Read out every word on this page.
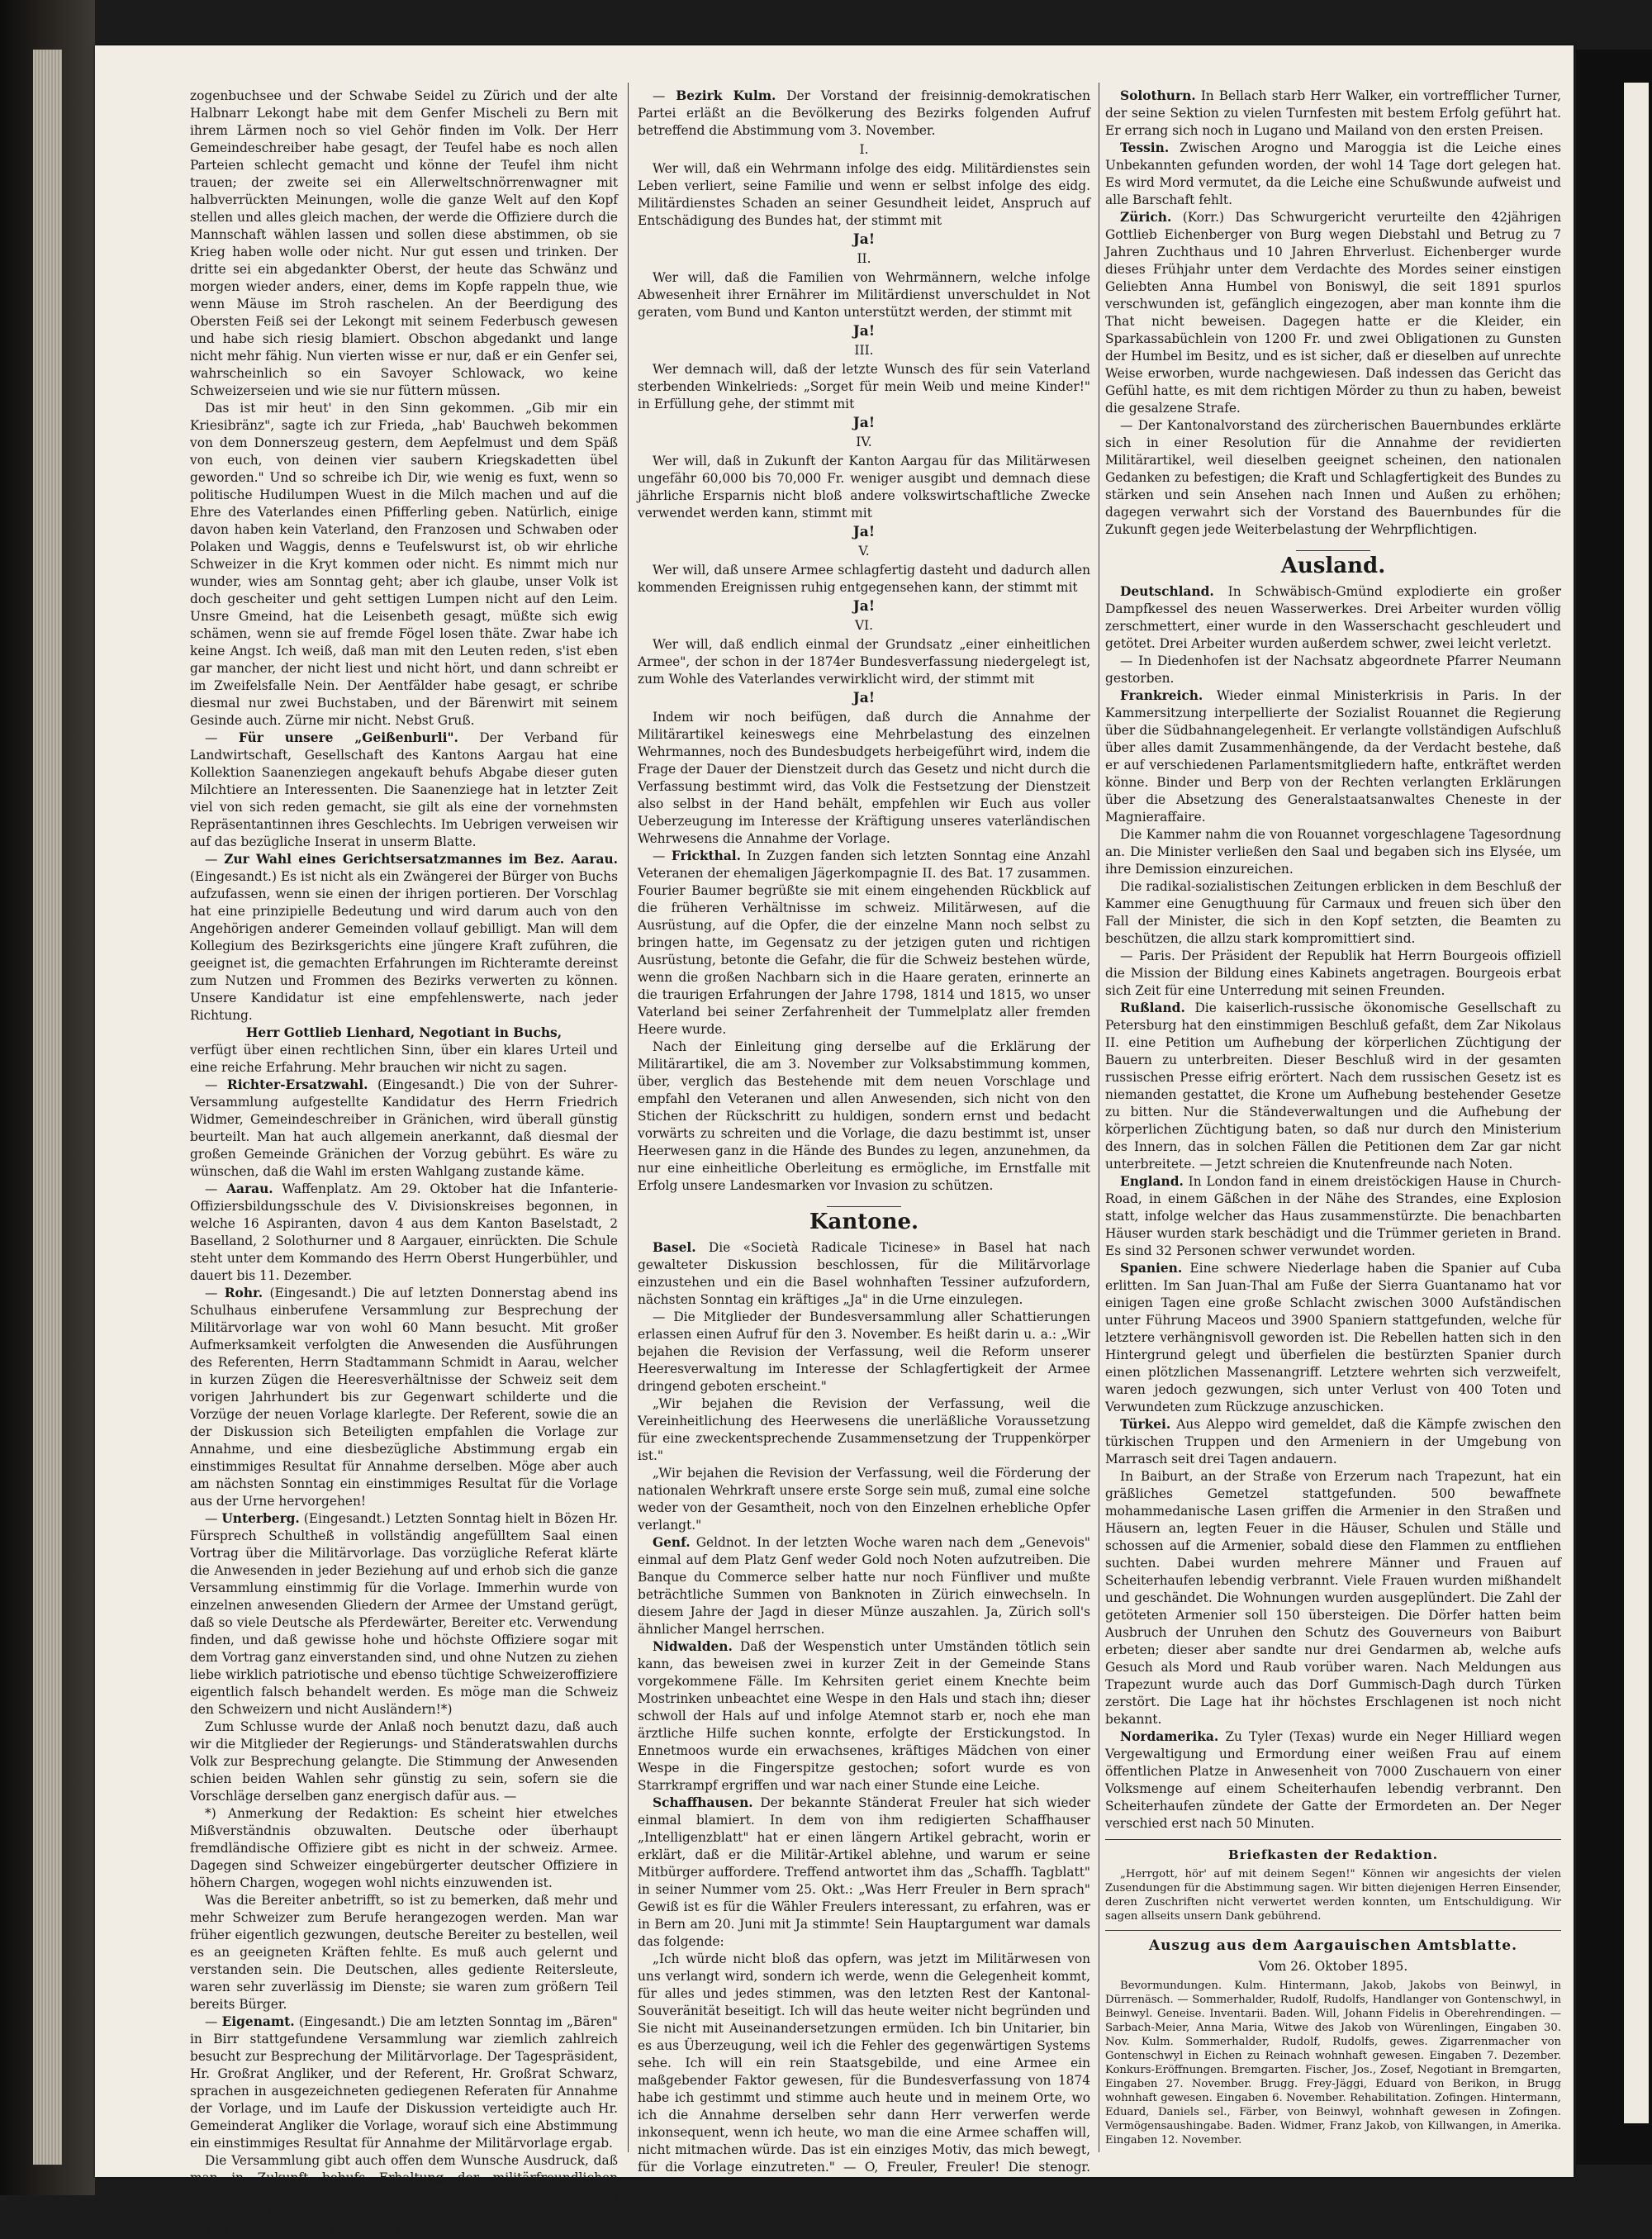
zogenbuchsee und der Schwabe Seidel zu Zürich und der alte Halbnarr Lekongt habe mit dem Genfer Mischeli zu Bern mit ihrem Lärmen noch so viel Gehör finden im Volk. Der Herr Gemeindeschreiber habe gesagt, der Teufel habe es noch allen Parteien schlecht gemacht und könne der Teufel ihm nicht trauen; der zweite sei ein Allerweltschnörrenwagner mit halbverrückten Meinungen, wolle die ganze Welt auf den Kopf stellen und alles gleich machen, der werde die Offiziere durch die Mannschaft wählen lassen und sollen diese abstimmen, ob sie Krieg haben wolle oder nicht. Nur gut essen und trinken. Der dritte sei ein abgedankter Oberst, der heute das Schwänz und morgen wieder anders, einer, dems im Kopfe rappeln thue, wie wenn Mäuse im Stroh raschelen. An der Beerdigung des Obersten Feiß sei der Lekongt mit seinem Federbusch gewesen und habe sich riesig blamiert. Obschon abgedankt und lange nicht mehr fähig. Nun vierten wisse er nur, daß er ein Genfer sei, wahrscheinlich so ein Savoyer Schlowack, wo keine Schweizerseien und wie sie nur füttern müssen.

Das ist mir heut' in den Sinn gekommen. „Gib mir ein Kriesibränz", sagte ich zur Frieda, „hab' Bauchweh bekommen von dem Donnerszeug gestern, dem Aepfelmust und dem Späß von euch, von deinen vier saubern Kriegskadetten übel geworden." Und so schreibe ich Dir, wie wenig es fuxt, wenn so politische Hudilumpen Wuest in die Milch machen und auf die Ehre des Vaterlandes einen Pfifferling geben. Natürlich, einige davon haben kein Vaterland, den Franzosen und Schwaben oder Polaken und Waggis, denns e Teufelswurst ist, ob wir ehrliche Schweizer in die Kryt kommen oder nicht. Es nimmt mich nur wunder, wies am Sonntag geht; aber ich glaube, unser Volk ist doch gescheiter und geht settigen Lumpen nicht auf den Leim. Unsre Gmeind, hat die Leisenbeth gesagt, müßte sich ewig schämen, wenn sie auf fremde Fögel losen thäte. Zwar habe ich keine Angst. Ich weiß, daß man mit den Leuten reden, s'ist eben gar mancher, der nicht liest und nicht hört, und dann schreibt er im Zweifelsfalle Nein. Der Aentfälder habe gesagt, er schribe diesmal nur zwei Buchstaben, und der Bärenwirt mit seinem Gesinde auch. Zürne mir nicht. Nebst Gruß.

— Für unsere „Geißenburli". Der Verband für Landwirtschaft, Gesellschaft des Kantons Aargau hat eine Kollektion Saanenziegen angekauft behufs Abgabe dieser guten Milchtiere an Interessenten. Die Saanenziege hat in letzter Zeit viel von sich reden gemacht, sie gilt als eine der vornehmsten Repräsentantinnen ihres Geschlechts. Im Uebrigen verweisen wir auf das bezügliche Inserat in unserm Blatte.

— Zur Wahl eines Gerichtsersatzmannes im Bez. Aarau. (Eingesandt.) Es ist nicht als ein Zwängerei der Bürger von Buchs aufzufassen, wenn sie einen der ihrigen portieren. Der Vorschlag hat eine prinzipielle Bedeutung und wird darum auch von den Angehörigen anderer Gemeinden vollauf gebilligt. Man will dem Kollegium des Bezirksgerichts eine jüngere Kraft zuführen, die geeignet ist, die gemachten Erfahrungen im Richteramte dereinst zum Nutzen und Frommen des Bezirks verwerten zu können. Unsere Kandidatur ist eine empfehlenswerte, nach jeder Richtung.

Herr Gottlieb Lienhard, Negotiant in Buchs,

verfügt über einen rechtlichen Sinn, über ein klares Urteil und eine reiche Erfahrung. Mehr brauchen wir nicht zu sagen.

— Richter-Ersatzwahl. (Eingesandt.) Die von der Suhrer-Versammlung aufgestellte Kandidatur des Herrn Friedrich Widmer, Gemeindeschreiber in Gränichen, wird überall günstig beurteilt. Man hat auch allgemein anerkannt, daß diesmal der großen Gemeinde Gränichen der Vorzug gebührt. Es wäre zu wünschen, daß die Wahl im ersten Wahlgang zustande käme.

— Aarau. Waffenplatz. Am 29. Oktober hat die Infanterie-Offiziersbildungsschule des V. Divisionskreises begonnen, in welche 16 Aspiranten, davon 4 aus dem Kanton Baselstadt, 2 Baselland, 2 Solothurner und 8 Aargauer, einrückten. Die Schule steht unter dem Kommando des Herrn Oberst Hungerbühler, und dauert bis 11. Dezember.

— Rohr. (Eingesandt.) Die auf letzten Donnerstag abend ins Schulhaus einberufene Versammlung zur Besprechung der Militärvorlage war von wohl 60 Mann besucht. Mit großer Aufmerksamkeit verfolgten die Anwesenden die Ausführungen des Referenten, Herrn Stadtammann Schmidt in Aarau, welcher in kurzen Zügen die Heeresverhältnisse der Schweiz seit dem vorigen Jahrhundert bis zur Gegenwart schilderte und die Vorzüge der neuen Vorlage klarlegte. Der Referent, sowie die an der Diskussion sich Beteiligten empfahlen die Vorlage zur Annahme, und eine diesbezügliche Abstimmung ergab ein einstimmiges Resultat für Annahme derselben. Möge aber auch am nächsten Sonntag ein einstimmiges Resultat für die Vorlage aus der Urne hervorgehen!

— Unterberg. (Eingesandt.) Letzten Sonntag hielt in Bözen Hr. Fürsprech Schultheß in vollständig angefülltem Saal einen Vortrag über die Militärvorlage. Das vorzügliche Referat klärte die Anwesenden in jeder Beziehung auf und erhob sich die ganze Versammlung einstimmig für die Vorlage. Immerhin wurde von einzelnen anwesenden Gliedern der Armee der Umstand gerügt, daß so viele Deutsche als Pferdewärter, Bereiter etc. Verwendung finden, und daß gewisse hohe und höchste Offiziere sogar mit dem Vortrag ganz einverstanden sind, und ohne Nutzen zu ziehen liebe wirklich patriotische und ebenso tüchtige Schweizeroffiziere eigentlich falsch behandelt werden. Es möge man die Schweiz den Schweizern und nicht Ausländern!*)

Zum Schlusse wurde der Anlaß noch benutzt dazu, daß auch wir die Mitglieder der Regierungs- und Ständeratswahlen durchs Volk zur Besprechung gelangte. Die Stimmung der Anwesenden schien beiden Wahlen sehr günstig zu sein, sofern sie die Vorschläge derselben ganz energisch dafür aus. —

*) Anmerkung der Redaktion: Es scheint hier etwelches Mißverständnis obzuwalten. Deutsche oder überhaupt fremdländische Offiziere gibt es nicht in der schweiz. Armee. Dagegen sind Schweizer eingebürgerter deutscher Offiziere in höhern Chargen, wogegen wohl nichts einzuwenden ist.

Was die Bereiter anbetrifft, so ist zu bemerken, daß mehr und mehr Schweizer zum Berufe herangezogen werden. Man war früher eigentlich gezwungen, deutsche Bereiter zu bestellen, weil es an geeigneten Kräften fehlte. Es muß auch gelernt und verstanden sein. Die Deutschen, alles gediente Reitersleute, waren sehr zuverlässig im Dienste; sie waren zum größern Teil bereits Bürger.

— Eigenamt. (Eingesandt.) Die am letzten Sonntag im „Bären" in Birr stattgefundene Versammlung war ziemlich zahlreich besucht zur Besprechung der Militärvorlage. Der Tagespräsident, Hr. Großrat Angliker, und der Referent, Hr. Großrat Schwarz, sprachen in ausgezeichneten gediegenen Referaten für Annahme der Vorlage, und im Laufe der Diskussion verteidigte auch Hr. Gemeinderat Angliker die Vorlage, worauf sich eine Abstimmung ein einstimmiges Resultat für Annahme der Militärvorlage ergab.

Die Versammlung gibt auch offen dem Wunsche Ausdruck, daß man in Zukunft behufs Erhaltung der militärfreundlichen Gesinnung unseres Volkes ein rücksichtsloseres Vorgehen gegenüber Exzessen behufs Verbesserung von Berufsoffizieren durch die zuständigen Behörden erwarte.

— Bezirk Kulm. Der Vorstand der freisinnig-demokratischen Partei erläßt an die Bevölkerung des Bezirks folgenden Aufruf betreffend die Abstimmung vom 3. November.

I.

Wer will, daß ein Wehrmann infolge des eidg. Militärdienstes sein Leben verliert, seine Familie und wenn er selbst infolge des eidg. Militärdienstes Schaden an seiner Gesundheit leidet, Anspruch auf Entschädigung des Bundes hat, der stimmt mit

Ja!
II.

Wer will, daß die Familien von Wehrmännern, welche infolge Abwesenheit ihrer Ernährer im Militärdienst unverschuldet in Not geraten, vom Bund und Kanton unterstützt werden, der stimmt mit

Ja!
III.

Wer demnach will, daß der letzte Wunsch des für sein Vaterland sterbenden Winkelrieds: „Sorget für mein Weib und meine Kinder!" in Erfüllung gehe, der stimmt mit

Ja!
IV.

Wer will, daß in Zukunft der Kanton Aargau für das Militärwesen ungefähr 60,000 bis 70,000 Fr. weniger ausgibt und demnach diese jährliche Ersparnis nicht bloß andere volkswirtschaftliche Zwecke verwendet werden kann, stimmt mit

Ja!
V.

Wer will, daß unsere Armee schlagfertig dasteht und dadurch allen kommenden Ereignissen ruhig entgegensehen kann, der stimmt mit

Ja!
VI.

Wer will, daß endlich einmal der Grundsatz „einer einheitlichen Armee", der schon in der 1874er Bundesverfassung niedergelegt ist, zum Wohle des Vaterlandes verwirklicht wird, der stimmt mit

Ja!

Indem wir noch beifügen, daß durch die Annahme der Militärartikel keineswegs eine Mehrbelastung des einzelnen Wehrmannes, noch des Bundesbudgets herbeigeführt wird, indem die Frage der Dauer der Dienstzeit durch das Gesetz und nicht durch die Verfassung bestimmt wird, das Volk die Festsetzung der Dienstzeit also selbst in der Hand behält, empfehlen wir Euch aus voller Ueberzeugung im Interesse der Kräftigung unseres vaterländischen Wehrwesens die Annahme der Vorlage.

— Frickthal. In Zuzgen fanden sich letzten Sonntag eine Anzahl Veteranen der ehemaligen Jägerkompagnie II. des Bat. 17 zusammen. Fourier Baumer begrüßte sie mit einem eingehenden Rückblick auf die früheren Verhältnisse im schweiz. Militärwesen, auf die Ausrüstung, auf die Opfer, die der einzelne Mann noch selbst zu bringen hatte, im Gegensatz zu der jetzigen guten und richtigen Ausrüstung, betonte die Gefahr, die für die Schweiz bestehen würde, wenn die großen Nachbarn sich in die Haare geraten, erinnerte an die traurigen Erfahrungen der Jahre 1798, 1814 und 1815, wo unser Vaterland bei seiner Zerfahrenheit der Tummelplatz aller fremden Heere wurde.

Nach der Einleitung ging derselbe auf die Erklärung der Militärartikel, die am 3. November zur Volksabstimmung kommen, über, verglich das Bestehende mit dem neuen Vorschlage und empfahl den Veteranen und allen Anwesenden, sich nicht von den Stichen der Rückschritt zu huldigen, sondern ernst und bedacht vorwärts zu schreiten und die Vorlage, die dazu bestimmt ist, unser Heerwesen ganz in die Hände des Bundes zu legen, anzunehmen, da nur eine einheitliche Oberleitung es ermögliche, im Ernstfalle mit Erfolg unsere Landesmarken vor Invasion zu schützen.

Kantone.

Basel. Die «Società Radicale Ticinese» in Basel hat nach gewalteter Diskussion beschlossen, für die Militärvorlage einzustehen und ein die Basel wohnhaften Tessiner aufzufordern, nächsten Sonntag ein kräftiges „Ja" in die Urne einzulegen.

— Die Mitglieder der Bundesversammlung aller Schattierungen erlassen einen Aufruf für den 3. November. Es heißt darin u. a.: „Wir bejahen die Revision der Verfassung, weil die Reform unserer Heeresverwaltung im Interesse der Schlagfertigkeit der Armee dringend geboten erscheint."

„Wir bejahen die Revision der Verfassung, weil die Vereinheitlichung des Heerwesens die unerläßliche Voraussetzung für eine zweckentsprechende Zusammensetzung der Truppenkörper ist."

„Wir bejahen die Revision der Verfassung, weil die Förderung der nationalen Wehrkraft unsere erste Sorge sein muß, zumal eine solche weder von der Gesamtheit, noch von den Einzelnen erhebliche Opfer verlangt."

Genf. Geldnot. In der letzten Woche waren nach dem „Genevois" einmal auf dem Platz Genf weder Gold noch Noten aufzutreiben. Die Banque du Commerce selber hatte nur noch Fünfliver und mußte beträchtliche Summen von Banknoten in Zürich einwechseln. In diesem Jahre der Jagd in dieser Münze auszahlen. Ja, Zürich soll's ähnlicher Mangel herrschen.

Nidwalden. Daß der Wespenstich unter Umständen tötlich sein kann, das beweisen zwei in kurzer Zeit in der Gemeinde Stans vorgekommene Fälle. Im Kehrsiten geriet einem Knechte beim Mostrinken unbeachtet eine Wespe in den Hals und stach ihn; dieser schwoll der Hals auf und infolge Atemnot starb er, noch ehe man ärztliche Hilfe suchen konnte, erfolgte der Erstickungstod. In Ennetmoos wurde ein erwachsenes, kräftiges Mädchen von einer Wespe in die Fingerspitze gestochen; sofort wurde es von Starrkrampf ergriffen und war nach einer Stunde eine Leiche.

Schaffhausen. Der bekannte Ständerat Freuler hat sich wieder einmal blamiert. In dem von ihm redigierten Schaffhauser „Intelligenzblatt" hat er einen längern Artikel gebracht, worin er erklärt, daß er die Militär-Artikel ablehne, und warum er seine Mitbürger auffordere. Treffend antwortet ihm das „Schaffh. Tagblatt" in seiner Nummer vom 25. Okt.: „Was Herr Freuler in Bern sprach" Gewiß ist es für die Wähler Freulers interessant, zu erfahren, was er in Bern am 20. Juni mit Ja stimmte! Sein Hauptargument war damals das folgende:

„Ich würde nicht bloß das opfern, was jetzt im Militärwesen von uns verlangt wird, sondern ich werde, wenn die Gelegenheit kommt, für alles und jedes stimmen, was den letzten Rest der Kantonal-Souveränität beseitigt. Ich will das heute weiter nicht begründen und Sie nicht mit Auseinandersetzungen ermüden. Ich bin Unitarier, bin es aus Überzeugung, weil ich die Fehler des gegenwärtigen Systems sehe. Ich will ein rein Staatsgebilde, und eine Armee ein maßgebender Faktor gewesen, für die Bundesverfassung von 1874 habe ich gestimmt und stimme auch heute und in meinem Orte, wo ich die Annahme derselben sehr dann Herr verwerfen werde inkonsequent, wenn ich heute, wo man die eine Armee schaffen will, nicht mitmachen würde. Das ist ein einziges Motiv, das mich bewegt, für die Vorlage einzutreten." — O, Freuler, Freuler! Die stenogr. Bülletins sind scheins doch für etwas gut.

Solothurn. In Bellach starb Herr Walker, ein vortrefflicher Turner, der seine Sektion zu vielen Turnfesten mit bestem Erfolg geführt hat. Er errang sich noch in Lugano und Mailand von den ersten Preisen.

Tessin. Zwischen Arogno und Maroggia ist die Leiche eines Unbekannten gefunden worden, der wohl 14 Tage dort gelegen hat. Es wird Mord vermutet, da die Leiche eine Schußwunde aufweist und alle Barschaft fehlt.

Zürich. (Korr.) Das Schwurgericht verurteilte den 42jährigen Gottlieb Eichenberger von Burg wegen Diebstahl und Betrug zu 7 Jahren Zuchthaus und 10 Jahren Ehrverlust. Eichenberger wurde dieses Frühjahr unter dem Verdachte des Mordes seiner einstigen Geliebten Anna Humbel von Boniswyl, die seit 1891 spurlos verschwunden ist, gefänglich eingezogen, aber man konnte ihm die That nicht beweisen. Dagegen hatte er die Kleider, ein Sparkassabüchlein von 1200 Fr. und zwei Obligationen zu Gunsten der Humbel im Besitz, und es ist sicher, daß er dieselben auf unrechte Weise erworben, wurde nachgewiesen. Daß indessen das Gericht das Gefühl hatte, es mit dem richtigen Mörder zu thun zu haben, beweist die gesalzene Strafe.

— Der Kantonalvorstand des zürcherischen Bauernbundes erklärte sich in einer Resolution für die Annahme der revidierten Militärartikel, weil dieselben geeignet scheinen, den nationalen Gedanken zu befestigen; die Kraft und Schlagfertigkeit des Bundes zu stärken und sein Ansehen nach Innen und Außen zu erhöhen; dagegen verwahrt sich der Vorstand des Bauernbundes für die Zukunft gegen jede Weiterbelastung der Wehrpflichtigen.

Ausland.

Deutschland. In Schwäbisch-Gmünd explodierte ein großer Dampfkessel des neuen Wasserwerkes. Drei Arbeiter wurden völlig zerschmettert, einer wurde in den Wasserschacht geschleudert und getötet. Drei Arbeiter wurden außerdem schwer, zwei leicht verletzt.

— In Diedenhofen ist der Nachsatz abgeordnete Pfarrer Neumann gestorben.

Frankreich. Wieder einmal Ministerkrisis in Paris. In der Kammersitzung interpellierte der Sozialist Rouannet die Regierung über die Südbahnangelegenheit. Er verlangte vollständigen Aufschluß über alles damit Zusammenhängende, da der Verdacht bestehe, daß er auf verschiedenen Parlamentsmitgliedern hafte, entkräftet werden könne. Binder und Berp von der Rechten verlangten Erklärungen über die Absetzung des Generalstaatsanwaltes Cheneste in der Magnieraffaire.

Die Kammer nahm die von Rouannet vorgeschlagene Tagesordnung an. Die Minister verließen den Saal und begaben sich ins Elysée, um ihre Demission einzureichen.

Die radikal-sozialistischen Zeitungen erblicken in dem Beschluß der Kammer eine Genugthuung für Carmaux und freuen sich über den Fall der Minister, die sich in den Kopf setzten, die Beamten zu beschützen, die allzu stark kompromittiert sind.

— Paris. Der Präsident der Republik hat Herrn Bourgeois offiziell die Mission der Bildung eines Kabinets angetragen. Bourgeois erbat sich Zeit für eine Unterredung mit seinen Freunden.

Rußland. Die kaiserlich-russische ökonomische Gesellschaft zu Petersburg hat den einstimmigen Beschluß gefaßt, dem Zar Nikolaus II. eine Petition um Aufhebung der körperlichen Züchtigung der Bauern zu unterbreiten. Dieser Beschluß wird in der gesamten russischen Presse eifrig erörtert. Nach dem russischen Gesetz ist es niemanden gestattet, die Krone um Aufhebung bestehender Gesetze zu bitten. Nur die Ständeverwaltungen und die Aufhebung der körperlichen Züchtigung baten, so daß nur durch den Ministerium des Innern, das in solchen Fällen die Petitionen dem Zar gar nicht unterbreitete. — Jetzt schreien die Knutenfreunde nach Noten.

England. In London fand in einem dreistöckigen Hause in Church-Road, in einem Gäßchen in der Nähe des Strandes, eine Explosion statt, infolge welcher das Haus zusammenstürzte. Die benachbarten Häuser wurden stark beschädigt und die Trümmer gerieten in Brand. Es sind 32 Personen schwer verwundet worden.

Spanien. Eine schwere Niederlage haben die Spanier auf Cuba erlitten. Im San Juan-Thal am Fuße der Sierra Guantanamo hat vor einigen Tagen eine große Schlacht zwischen 3000 Aufständischen unter Führung Maceos und 3900 Spaniern stattgefunden, welche für letztere verhängnisvoll geworden ist. Die Rebellen hatten sich in den Hintergrund gelegt und überfielen die bestürzten Spanier durch einen plötzlichen Massenangriff. Letztere wehrten sich verzweifelt, waren jedoch gezwungen, sich unter Verlust von 400 Toten und Verwundeten zum Rückzuge anzuschicken.

Türkei. Aus Aleppo wird gemeldet, daß die Kämpfe zwischen den türkischen Truppen und den Armeniern in der Umgebung von Marrasch seit drei Tagen andauern.

In Baiburt, an der Straße von Erzerum nach Trapezunt, hat ein gräßliches Gemetzel stattgefunden. 500 bewaffnete mohammedanische Lasen griffen die Armenier in den Straßen und Häusern an, legten Feuer in die Häuser, Schulen und Ställe und schossen auf die Armenier, sobald diese den Flammen zu entfliehen suchten. Dabei wurden mehrere Männer und Frauen auf Scheiterhaufen lebendig verbrannt. Viele Frauen wurden mißhandelt und geschändet. Die Wohnungen wurden ausgeplündert. Die Zahl der getöteten Armenier soll 150 übersteigen. Die Dörfer hatten beim Ausbruch der Unruhen den Schutz des Gouverneurs von Baiburt erbeten; dieser aber sandte nur drei Gendarmen ab, welche aufs Gesuch als Mord und Raub vorüber waren. Nach Meldungen aus Trapezunt wurde auch das Dorf Gummisch-Dagh durch Türken zerstört. Die Lage hat ihr höchstes Erschlagenen ist noch nicht bekannt.

Nordamerika. Zu Tyler (Texas) wurde ein Neger Hilliard wegen Vergewaltigung und Ermordung einer weißen Frau auf einem öffentlichen Platze in Anwesenheit von 7000 Zuschauern von einer Volksmenge auf einem Scheiterhaufen lebendig verbrannt. Den Scheiterhaufen zündete der Gatte der Ermordeten an. Der Neger verschied erst nach 50 Minuten.

Briefkasten der Redaktion.

„Herrgott, hör' auf mit deinem Segen!" Können wir angesichts der vielen Zusendungen für die Abstimmung sagen. Wir bitten diejenigen Herren Einsender, deren Zuschriften nicht verwertet werden konnten, um Entschuldigung. Wir sagen allseits unsern Dank gebührend.

Auszug aus dem Aargauischen Amtsblatte.
Vom 26. Oktober 1895.

Bevormundungen. Kulm. Hintermann, Jakob, Jakobs von Beinwyl, in Dürrenäsch. — Sommerhalder, Rudolf, Rudolfs, Handlanger von Gontenschwyl, in Beinwyl. Geneise. Inventarii. Baden. Will, Johann Fidelis in Oberehrendingen. — Sarbach-Meier, Anna Maria, Witwe des Jakob von Würenlingen, Eingaben 30. Nov. Kulm. Sommerhalder, Rudolf, Rudolfs, gewes. Zigarrenmacher von Gontenschwyl in Eichen zu Reinach wohnhaft gewesen. Eingaben 7. Dezember. Konkurs-Eröffnungen. Bremgarten. Fischer, Jos., Zosef, Negotiant in Bremgarten, Eingaben 27. November. Brugg. Frey-Jäggi, Eduard von Berikon, in Brugg wohnhaft gewesen. Eingaben 6. November. Rehabilitation. Zofingen. Hintermann, Eduard, Daniels sel., Färber, von Beinwyl, wohnhaft gewesen in Zofingen. Vermögensaushingabe. Baden. Widmer, Franz Jakob, von Killwangen, in Amerika. Eingaben 12. November.
